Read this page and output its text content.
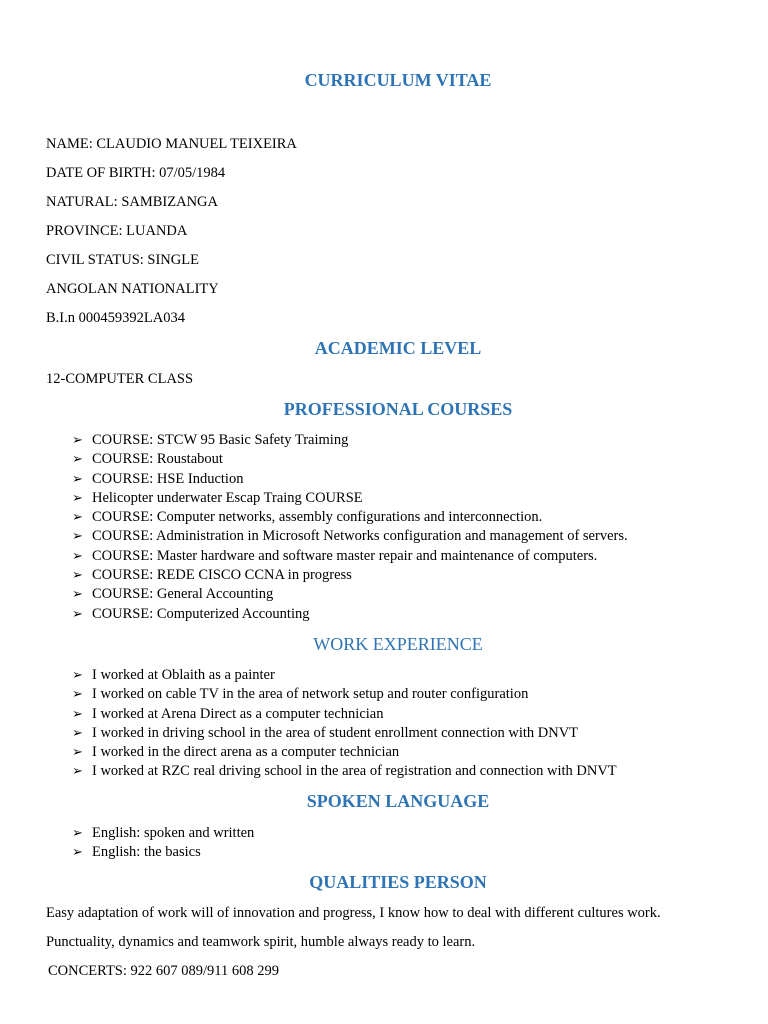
CURRICULUM VITAE
NAME: CLAUDIO MANUEL TEIXEIRA
DATE OF BIRTH: 07/05/1984
NATURAL: SAMBIZANGA
PROVINCE: LUANDA
CIVIL STATUS: SINGLE
ANGOLAN NATIONALITY
B.I.n 000459392LA034
ACADEMIC LEVEL
12-COMPUTER CLASS
PROFESSIONAL COURSES
➢ COURSE: STCW 95 Basic Safety Traiming
➢ COURSE: Roustabout
➢ COURSE: HSE Induction
➢ Helicopter underwater Escap Traing COURSE
➢ COURSE: Computer networks, assembly configurations and interconnection.
➢ COURSE: Administration in Microsoft Networks configuration and management of servers.
➢ COURSE: Master hardware and software master repair and maintenance of computers.
➢ COURSE: REDE CISCO CCNA in progress
➢ COURSE: General Accounting
➢ COURSE: Computerized Accounting
WORK EXPERIENCE
➢ I worked at Oblaith as a painter
➢ I worked on cable TV in the area of network setup and router configuration
➢ I worked at Arena Direct as a computer technician
➢ I worked in driving school in the area of student enrollment connection with DNVT
➢ I worked in the direct arena as a computer technician
➢ I worked at RZC real driving school in the area of registration and connection with DNVT
SPOKEN LANGUAGE
➢ English: spoken and written
➢ English: the basics
QUALITIES PERSON
Easy adaptation of work will of innovation and progress, I know how to deal with different cultures work.
Punctuality, dynamics and teamwork spirit, humble always ready to learn.
CONCERTS: 922 607 089/911 608 299
